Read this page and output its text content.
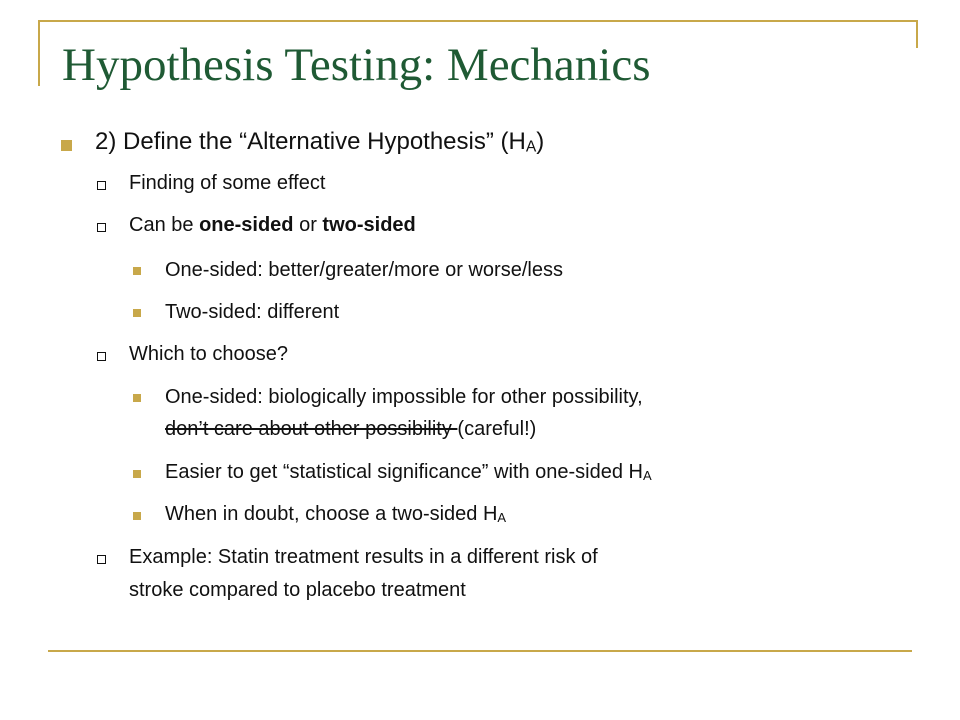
Hypothesis Testing: Mechanics
2) Define the “Alternative Hypothesis” (HA)
Finding of some effect
Can be one-sided or two-sided
One-sided: better/greater/more or worse/less
Two-sided: different
Which to choose?
One-sided: biologically impossible for other possibility,
don’t care about other possibility (careful!)
Easier to get “statistical significance” with one-sided HA
When in doubt, choose a two-sided HA
Example: Statin treatment results in a different risk of
stroke compared to placebo treatment
